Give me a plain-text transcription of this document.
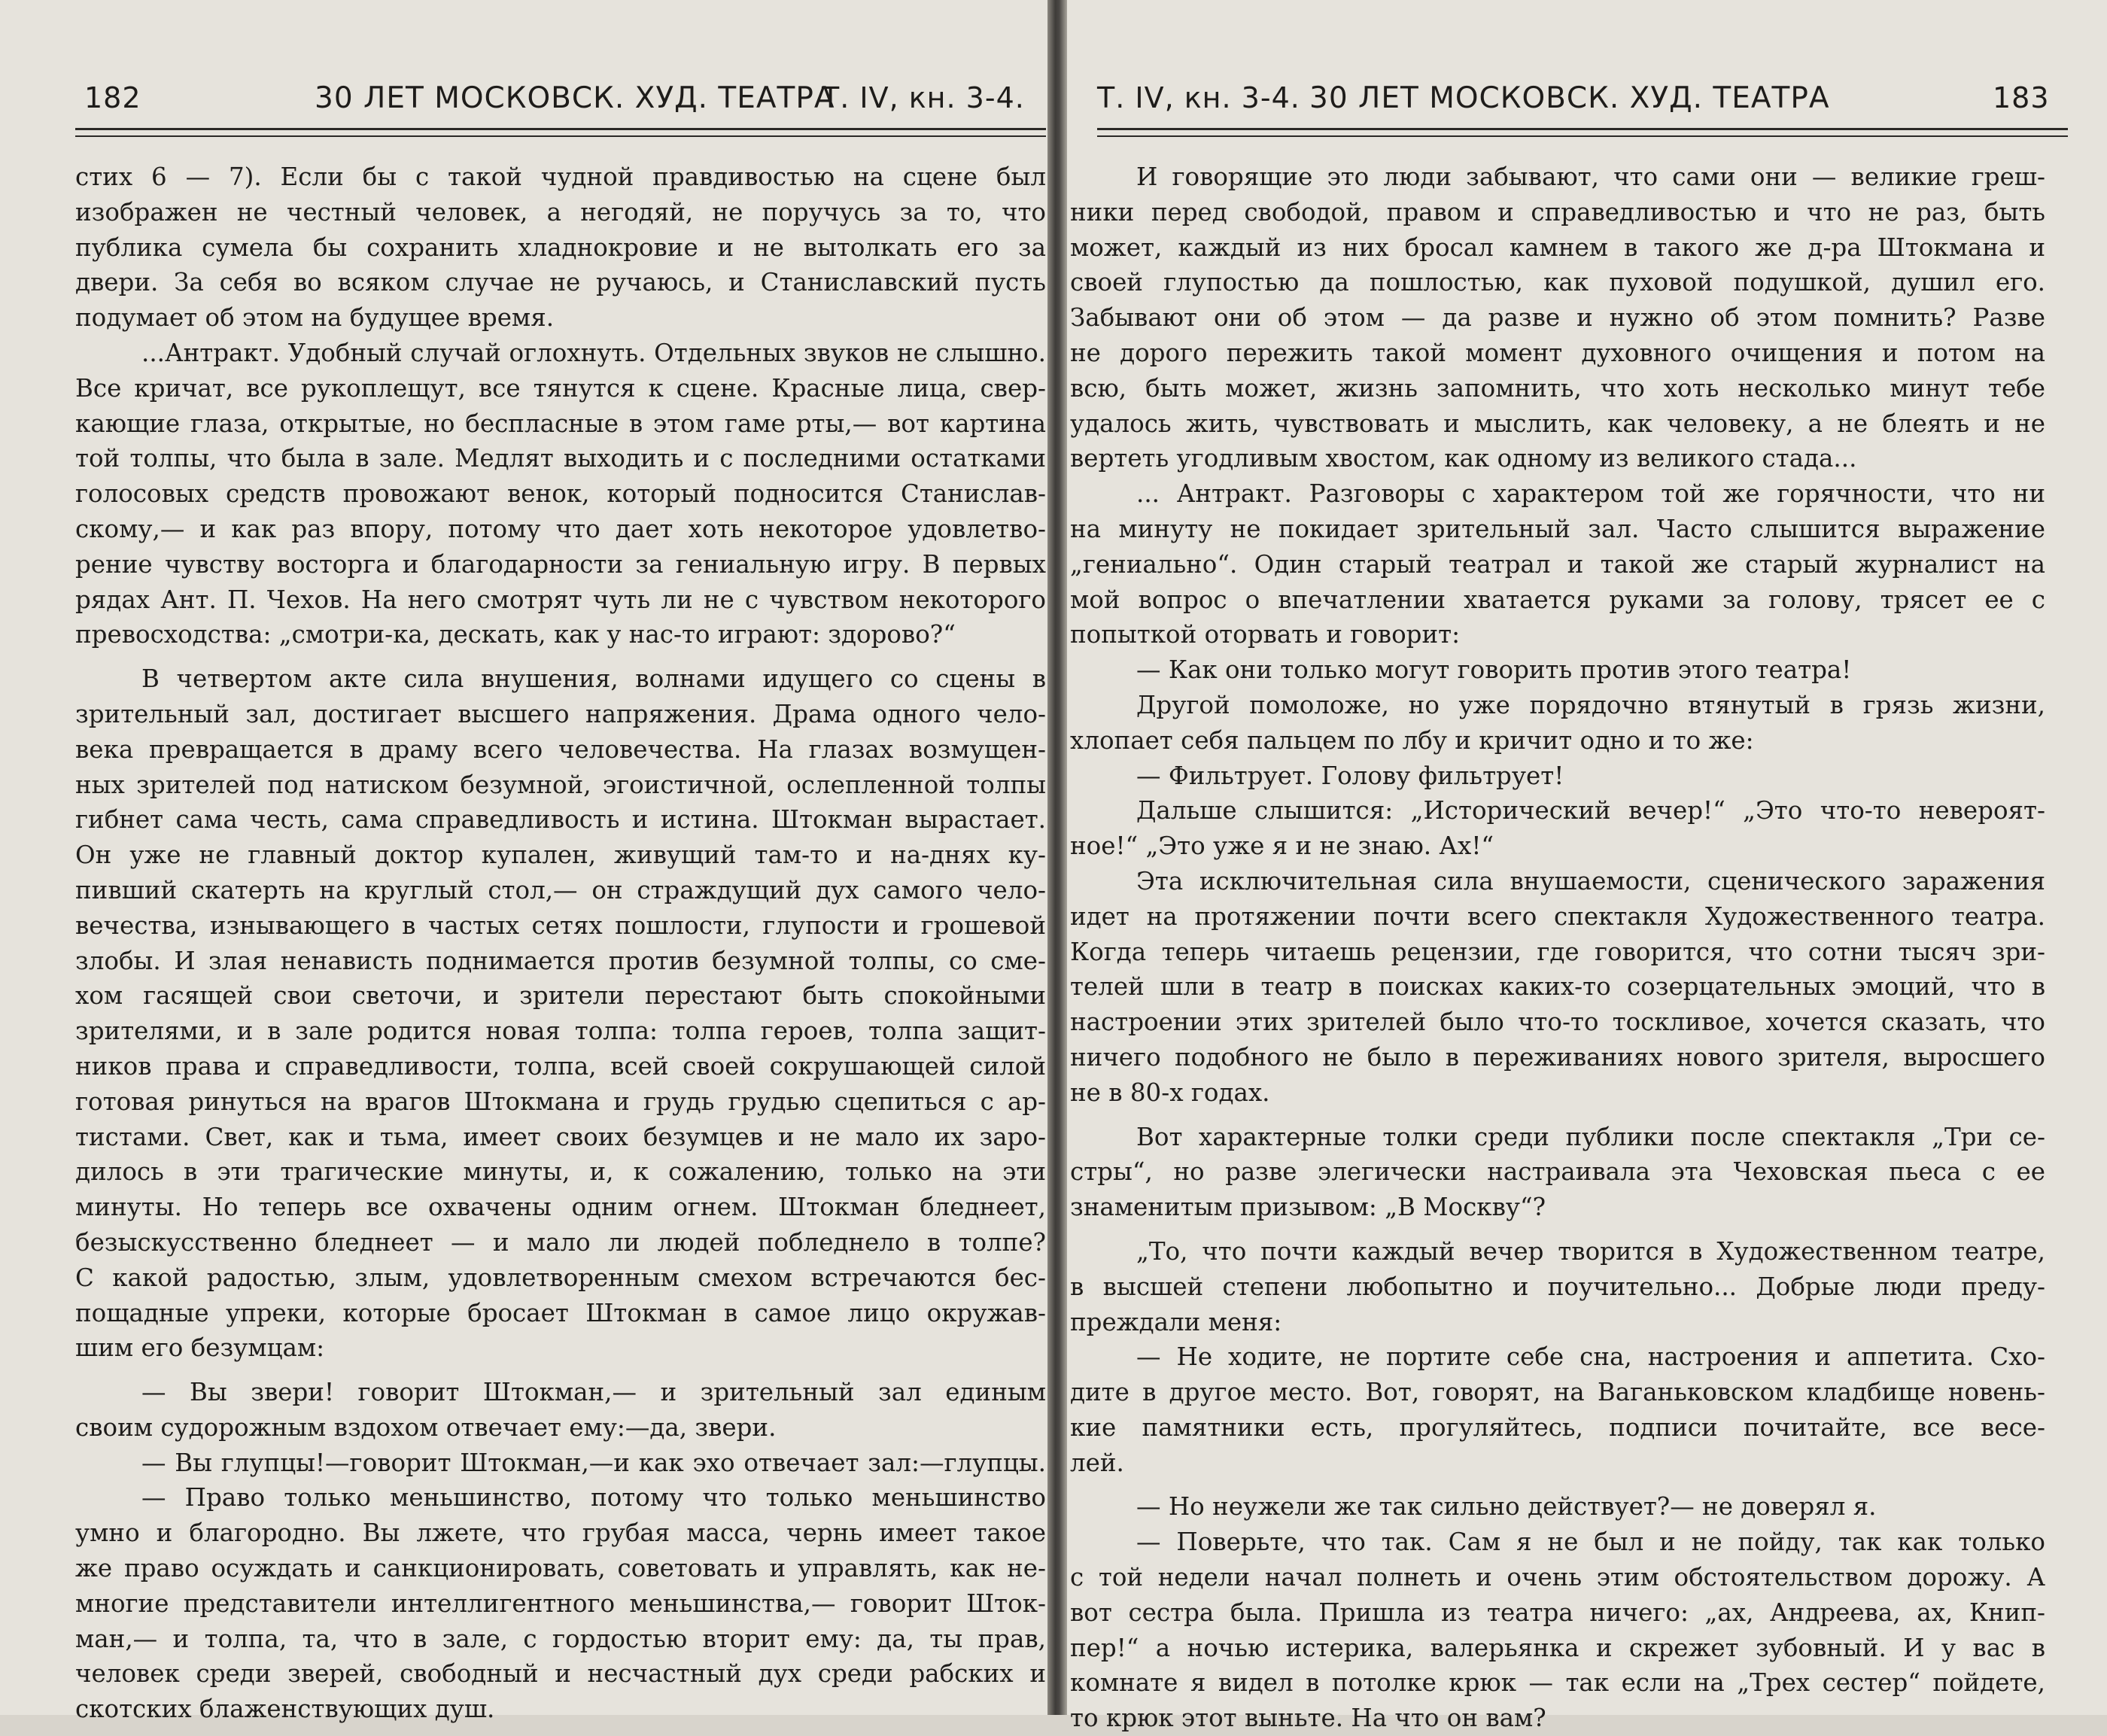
182	30 ЛЕТ МОСКОВСК. ХУД. ТЕАТРА
Т. IV, кн. 3-4.
стих 6 — 7). Если бы с такой чудной правдивостью на сцене был
изображен не честный человек, а негодяй, не поручусь за то, что
публика сумела бы сохранить хладнокровие и не вытолкать его за
двери. За себя во всяком случае не ручаюсь, и Станиславский пусть
подумает об этом на будущее время.
...Антракт. Удобный случай оглохнуть. Отдельных звуков не слышно.
Все кричат, все рукоплещут, все тянутся к сцене. Красные лица, свер-
кающие глаза, открытые, но беспласные в этом гаме рты,— вот картина
той толпы, что была в зале. Медлят выходить и с последними остатками
голосовых средств провожают венок, который подносится Станислав-
скому,— и как раз впору, потому что дает хоть некоторое удовлетво-
рение чувству восторга и благодарности за гениальную игру. В первых
рядах Ант. П. Чехов. На него смотрят чуть ли не с чувством некоторого
превосходства: „смотри-ка, дескать, как у нас-то играют: здорово?“
В четвертом акте сила внушения, волнами идущего со сцены в
зрительный зал, достигает высшего напряжения. Драма одного чело-
века превращается в драму всего человечества. На глазах возмущен-
ных зрителей под натиском безумной, эгоистичной, ослепленной толпы
гибнет сама честь, сама справедливость и истина. Штокман вырастает.
Он уже не главный доктор купален, живущий там-то и на-днях ку-
пивший скатерть на круглый стол,— он страждущий дух самого чело-
вечества, изнывающего в частых сетях пошлости, глупости и грошевой
злобы. И злая ненависть поднимается против безумной толпы, со сме-
хом гасящей свои светочи, и зрители перестают быть спокойными
зрителями, и в зале родится новая толпа: толпа героев, толпа защит-
ников права и справедливости, толпа, всей своей сокрушающей силой
готовая ринуться на врагов Штокмана и грудь грудью сцепиться с ар-
тистами. Свет, как и тьма, имеет своих безумцев и не мало их заро-
дилось в эти трагические минуты, и, к сожалению, только на эти
минуты. Но теперь все охвачены одним огнем. Штокман бледнеет,
безыскусственно бледнеет — и мало ли людей побледнело в толпе?
С какой радостью, злым, удовлетворенным смехом встречаются бес-
пощадные упреки, которые бросает Штокман в самое лицо окружав-
шим его безумцам:
— Вы звери! говорит Штокман,— и зрительный зал единым
своим судорожным вздохом отвечает ему:—да, звери.
— Вы глупцы!—говорит Штокман,—и как эхо отвечает зал:—глупцы.
— Право только меньшинство, потому что только меньшинство
умно и благородно. Вы лжете, что грубая масса, чернь имеет такое
же право осуждать и санкционировать, советовать и управлять, как не-
многие представители интеллигентного меньшинства,— говорит Шток-
ман,— и толпа, та, что в зале, с гордостью вторит ему: да, ты прав,
человек среди зверей, свободный и несчастный дух среди рабских и
скотских блаженствующих душ.
Т. IV, кн. 3-4. 30 ЛЕТ МОСКОВСК. ХУД. ТЕАТРА	183
И говорящие это люди забывают, что сами они — великие греш-
ники перед свободой, правом и справедливостью и что не раз, быть
может, каждый из них бросал камнем в такого же д-ра Штокмана и
своей глупостью да пошлостью, как пуховой подушкой, душил его.
Забывают они об этом — да разве и нужно об этом помнить? Разве
не дорого пережить такой момент духовного очищения и потом на
всю, быть может, жизнь запомнить, что хоть несколько минут тебе
удалось жить, чувствовать и мыслить, как человеку, а не блеять и не
вертеть угодливым хвостом, как одному из великого стада...
... Антракт. Разговоры с характером той же горячности, что ни
на минуту не покидает зрительный зал. Часто слышится выражение
„гениально“. Один старый театрал и такой же старый журналист на
мой вопрос о впечатлении хватается руками за голову, трясет ее с
попыткой оторвать и говорит:
— Как они только могут говорить против этого театра!
Другой помоложе, но уже порядочно втянутый в грязь жизни,
хлопает себя пальцем по лбу и кричит одно и то же:
— Фильтрует. Голову фильтрует!
Дальше слышится: „Исторический вечер!“ „Это что-то невероят-
ное!“ „Это уже я и не знаю. Ах!“
Эта исключительная сила внушаемости, сценического заражения
идет на протяжении почти всего спектакля Художественного театра.
Когда теперь читаешь рецензии, где говорится, что сотни тысяч зри-
телей шли в театр в поисках каких-то созерцательных эмоций, что в
настроении этих зрителей было что-то тоскливое, хочется сказать, что
ничего подобного не было в переживаниях нового зрителя, выросшего
не в 80-х годах.
Вот характерные толки среди публики после спектакля „Три се-
стры“, но разве элегически настраивала эта Чеховская пьеса с ее
знаменитым призывом: „В Москву“?
„То, что почти каждый вечер творится в Художественном театре,
в высшей степени любопытно и поучительно... Добрые люди преду-
преждали меня:
— Не ходите, не портите себе сна, настроения и аппетита. Схо-
дите в другое место. Вот, говорят, на Ваганьковском кладбище новень-
кие памятники есть, прогуляйтесь, подписи почитайте, все весе-
лей.
— Но неужели же так сильно действует?— не доверял я.
— Поверьте, что так. Сам я не был и не пойду, так как только
с той недели начал полнеть и очень этим обстоятельством дорожу. А
вот сестра была. Пришла из театра ничего: „ах, Андреева, ах, Книп-
пер!“ а ночью истерика, валерьянка и скрежет зубовный. И у вас в
комнате я видел в потолке крюк — так если на „Трех сестер“ пойдете,
то крюк этот выньте. На что он вам?
